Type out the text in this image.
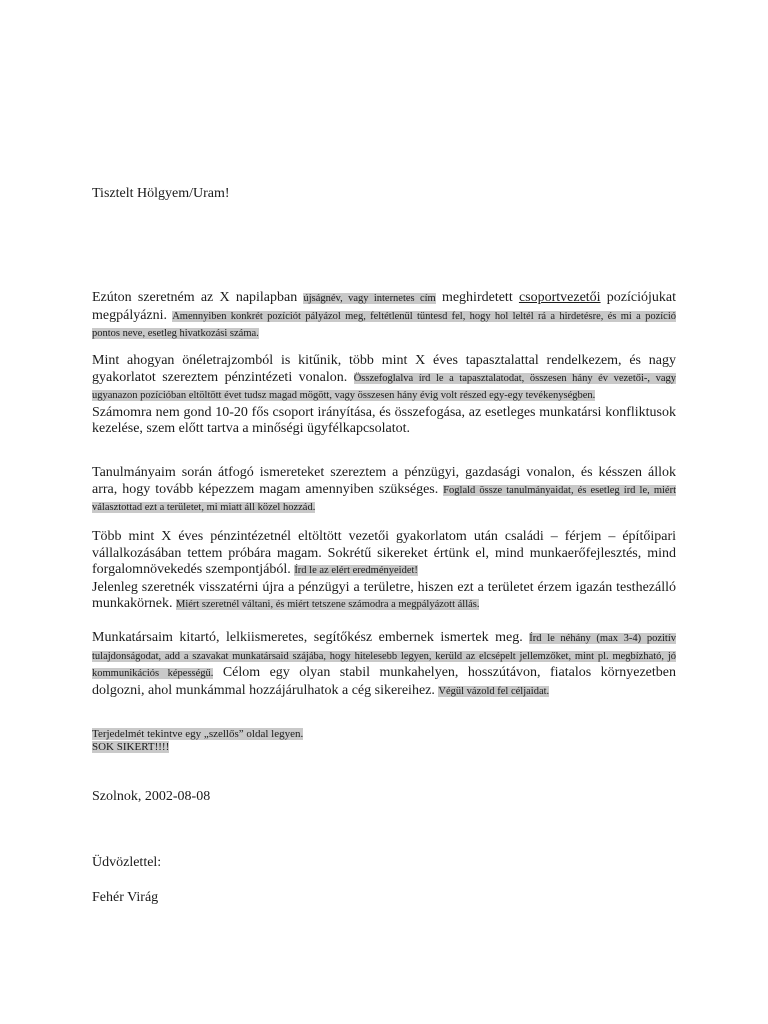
Tisztelt Hölgyem/Uram!

Ezúton szeretném az X napilapban újságnév, vagy internetes cím meghirdetett csoportvezetői pozíciójukat megpályázni. Amennyiben konkrét pozíciót pályázol meg, feltétlenül tüntesd fel, hogy hol leltél rá a hirdetésre, és mi a pozíció pontos neve, esetleg hivatkozási száma.

Mint ahogyan önéletrajzomból is kitűnik, több mint X éves tapasztalattal rendelkezem, és nagy gyakorlatot szereztem pénzintézeti vonalon. Összefoglalva írd le a tapasztalatodat, összesen hány év vezetői-, vagy ugyanazon pozícióban eltöltött évet tudsz magad mögött, vagy összesen hány évig volt részed egy-egy tevékenységben.
Számomra nem gond 10-20 fős csoport irányítása, és összefogása, az esetleges munkatársi konfliktusok kezelése, szem előtt tartva a minőségi ügyfélkapcsolatot.

Tanulmányaim során átfogó ismereteket szereztem a pénzügyi, gazdasági vonalon, és késszen állok arra, hogy tovább képezzem magam amennyiben szükséges. Foglald össze tanulmányaidat, és esetleg írd le, miért választottad ezt a területet, mi miatt áll közel hozzád.

Több mint X éves pénzintézetnél eltöltött vezetői gyakorlatom után családi – férjem – építőipari vállalkozásában tettem próbára magam. Sokrétű sikereket értünk el, mind munkaerőfejlesztés, mind forgalomnövekedés szempontjából. Írd le az elért eredményeidet!
Jelenleg szeretnék visszatérni újra a pénzügyi a területre, hiszen ezt a területet érzem igazán testhezálló munkakörnek. Miért szeretnél váltani, és miért tetszene számodra a megpályázott állás.

Munkatársaim kitartó, lelkiismeretes, segítőkész embernek ismertek meg. Írd le néhány (max 3-4) pozitív tulajdonságodat, add a szavakat munkatársaid szájába, hogy hitelesebb legyen, kerüld az elcsépelt jellemzőket, mint pl. megbízható, jó kommunikációs képességű. Célom egy olyan stabil munkahelyen, hosszútávon, fiatalos környezetben dolgozni, ahol munkámmal hozzájárulhatok a cég sikereihez. Végül vázold fel céljaidat.

Terjedelmét tekintve egy „szellős” oldal legyen.
SOK SIKERT!!!!

Szolnok, 2002-08-08

Üdvözlettel:

Fehér Virág
